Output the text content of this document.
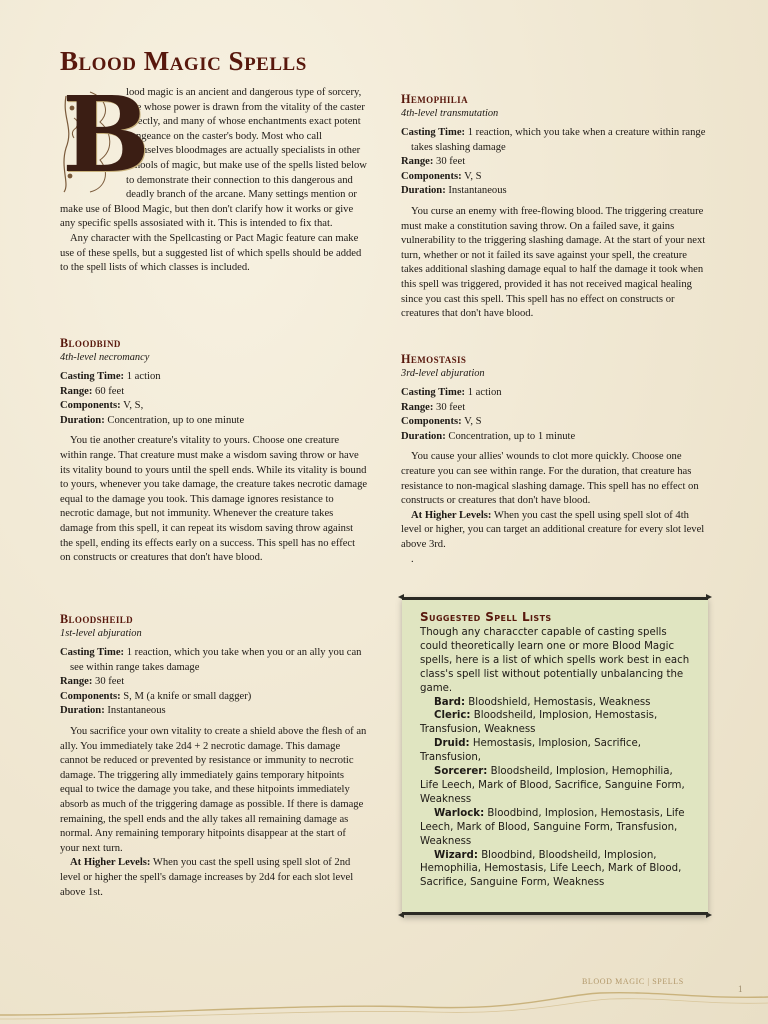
Blood Magic Spells
B

lood magic is an ancient and dangerous type of sorcery, one whose power is drawn from the vitality of the caster directly, and many of whose enchantments exact potent vengeance on the caster's body. Most who call themselves bloodmages are actually specialists in other schools of magic, but make use of the spells listed below to demonstrate their connection to this dangerous and deadly branch of the arcane. Many settings mention or make use of Blood Magic, but then don't clarify how it works or give any specific spells assosiated with it. This is intended to fix that.

Any character with the Spellcasting or Pact Magic feature can make use of these spells, but a suggested list of which spells should be added to the spell lists of which classes is included.

Bloodbind
4th-level necromancy

Casting Time: 1 action

Range: 60 feet

Components: V, S,

Duration: Concentration, up to one minute

You tie another creature's vitality to yours. Choose one creature within range. That creature must make a wisdom saving throw or have its vitality bound to yours until the spell ends. While its vitality is bound to yours, whenever you take damage, the creature takes necrotic damage equal to the damage you took. This damage ignores resistance to necrotic damage, but not immunity. Whenever the creature takes damage from this spell, it can repeat its wisdom saving throw against the spell, ending its effects early on a success. This spell has no effect on constructs or creatures that don't have blood.

Bloodsheild
1st-level abjuration

Casting Time: 1 reaction, which you take when you or an ally you can see within range takes damage

Range: 30 feet

Components: S, M (a knife or small dagger)

Duration: Instantaneous

You sacrifice your own vitality to create a shield above the flesh of an ally. You immediately take 2d4 + 2 necrotic damage. This damage cannot be reduced or prevented by resistance or immunity to necrotic damage. The triggering ally immediately gains temporary hitpoints equal to twice the damage you take, and these hitpoints immediately absorb as much of the triggering damage as possible. If there is damage remaining, the spell ends and the ally takes all remaining damage as normal. Any remaining temporary hitpoints disappear at the start of your next turn.

At Higher Levels: When you cast the spell using spell slot of 2nd level or higher the spell's damage increases by 2d4 for each slot level above 1st.

Hemophilia
4th-level transmutation

Casting Time: 1 reaction, which you take when a creature within range takes slashing damage

Range: 30 feet

Components: V, S

Duration: Instantaneous

You curse an enemy with free-flowing blood. The triggering creature must make a constitution saving throw. On a failed save, it gains vulnerability to the triggering slashing damage. At the start of your next turn, whether or not it failed its save against your spell, the creature takes additional slashing damage equal to half the damage it took when this spell was triggered, provided it has not received magical healing since you cast this spell. This spell has no effect on constructs or creatures that don't have blood.

Hemostasis
3rd-level abjuration

Casting Time: 1 action

Range: 30 feet

Components: V, S

Duration: Concentration, up to 1 minute

You cause your allies' wounds to clot more quickly. Choose one creature you can see within range. For the duration, that creature has resistance to non-magical slashing damage. This spell has no effect on constructs or creatures that don't have blood.

At Higher Levels: When you cast the spell using spell slot of 4th level or higher, you can target an additional creature for every slot level above 3rd.

.

Suggested Spell Lists

Though any characcter capable of casting spells could theoretically learn one or more Blood Magic spells, here is a list of which spells work best in each class's spell list without potentially unbalancing the game.

Bard: Bloodshield, Hemostasis, Weakness
Cleric: Bloodsheild, Implosion, Hemostasis, Transfusion, Weakness
Druid: Hemostasis, Implosion, Sacrifice, Transfusion,
Sorcerer: Bloodsheild, Implosion, Hemophilia, Life Leech, Mark of Blood, Sacrifice, Sanguine Form, Weakness
Warlock: Bloodbind, Implosion, Hemostasis, Life Leech, Mark of Blood, Sanguine Form, Transfusion, Weakness
Wizard: Bloodbind, Bloodsheild, Implosion, Hemophilia, Hemostasis, Life Leech, Mark of Blood, Sacrifice, Sanguine Form, Weakness
BLOOD MAGIC | SPELLS
1
